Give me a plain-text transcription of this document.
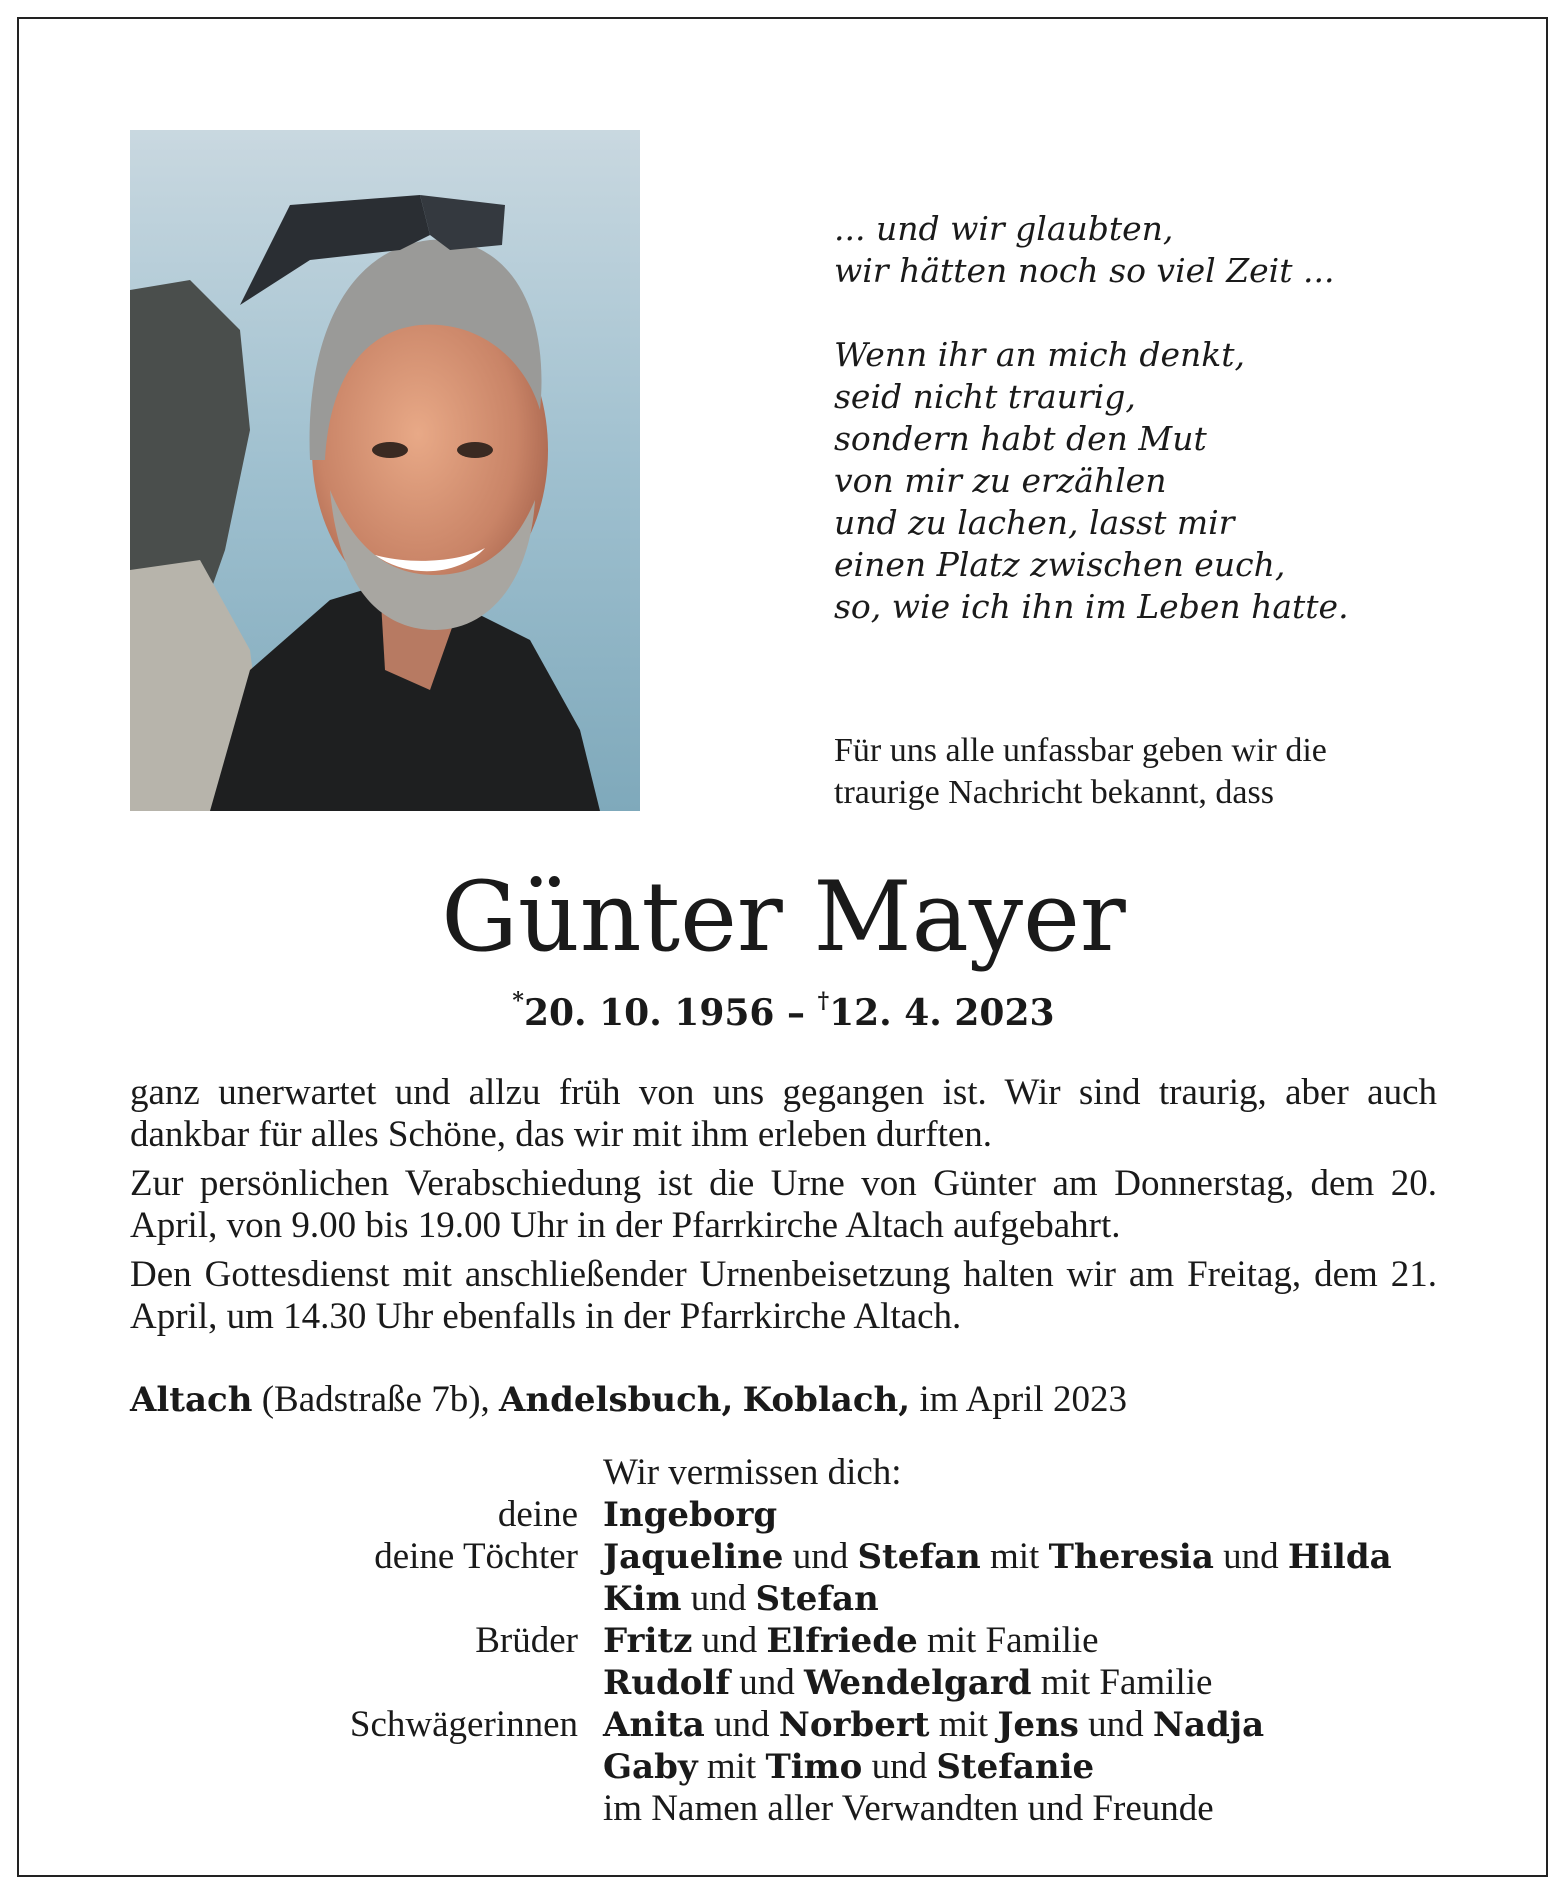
... und wir glaubten,
wir hätten noch so viel Zeit ...
Wenn ihr an mich denkt,
seid nicht traurig,
sondern habt den Mut
von mir zu erzählen
und zu lachen, lasst mir
einen Platz zwischen euch,
so, wie ich ihn im Leben hatte.
Für uns alle unfassbar geben wir die
traurige Nachricht bekannt, dass
Günter Mayer
*20. 10. 1956 – †12. 4. 2023

ganz unerwartet und allzu früh von uns gegangen ist. Wir sind traurig, aber auch dankbar für alles Schöne, das wir mit ihm erleben durften.

Zur persönlichen Verabschiedung ist die Urne von Günter am Donnerstag, dem 20. April, von 9.00 bis 19.00 Uhr in der Pfarrkirche Altach aufgebahrt.

Den Gottesdienst mit anschließender Urnenbeisetzung halten wir am Freitag, dem 21. April, um 14.30 Uhr ebenfalls in der Pfarrkirche Altach.

Altach (Badstraße 7b), Andelsbuch, Koblach, im April 2023
Wir vermissen dich:
deine Ingeborg
deine Töchter Jaqueline und Stefan mit Theresia und Hilda
Kim und Stefan
Brüder Fritz und Elfriede mit Familie
Rudolf und Wendelgard mit Familie
Schwägerinnen Anita und Norbert mit Jens und Nadja
Gaby mit Timo und Stefanie
im Namen aller Verwandten und Freunde
